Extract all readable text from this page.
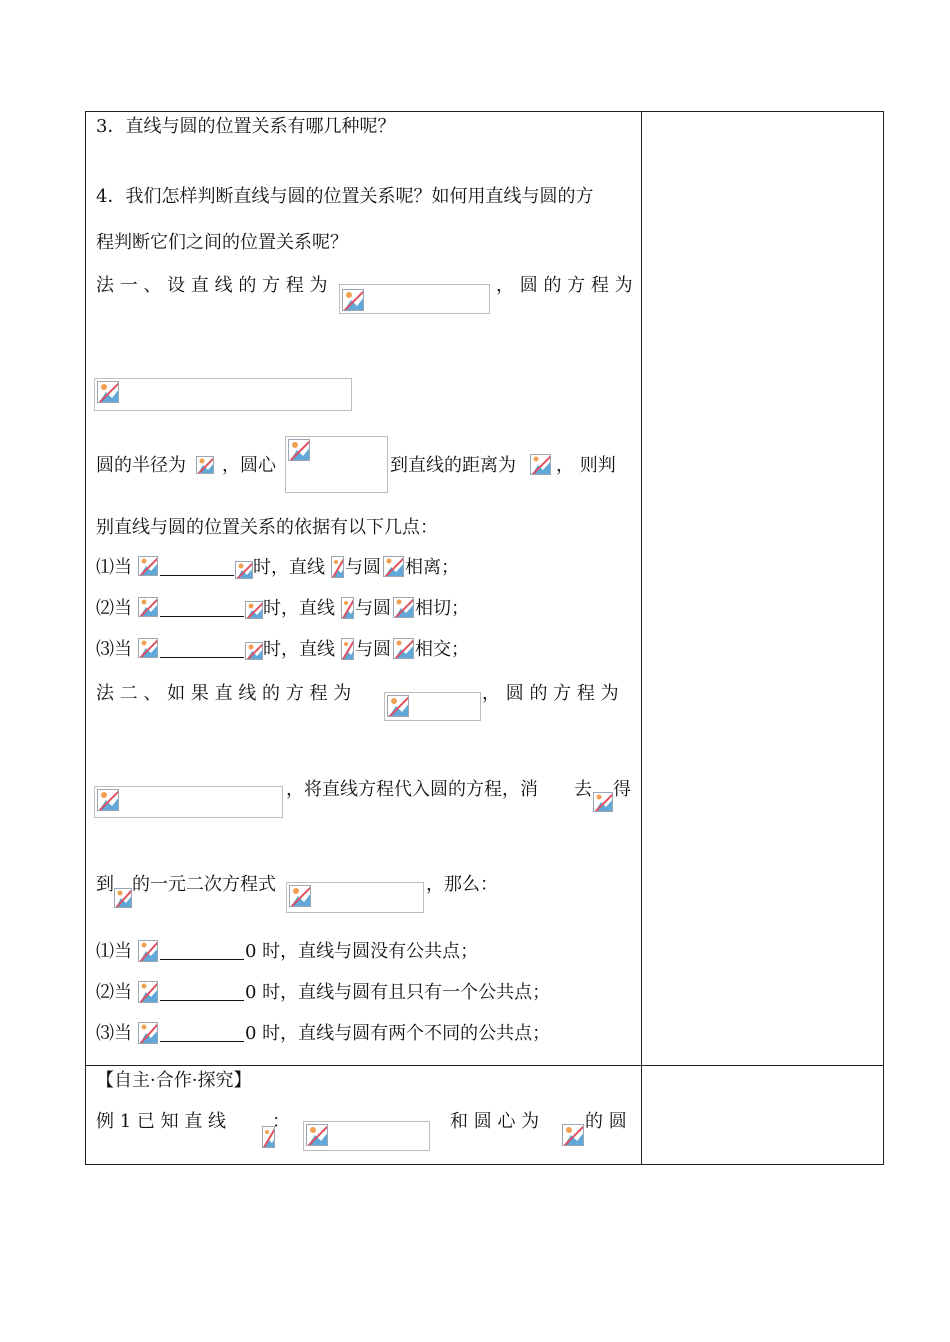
3．直线与圆的位置关系有哪几种呢？
4．我们怎样判断直线与圆的位置关系呢？如何用直线与圆的方
程判断它们之间的位置关系呢？
法 一 、 设 直 线 的 方 程 为	， 圆 的 方 程 为
圆的半径为 ，圆心	到直线的距离为 ， 则判
别直线与圆的位置关系的依据有以下几点：
⑴当	时，直线 与圆 相离；
⑵当	时，直线 与圆 相切；
⑶当	时，直线 与圆 相交；
法 二 、 如 果 直 线 的 方 程 为	， 圆 的 方 程 为
，将直线方程代入圆的方程，消 去 得
到 的一元二次方程式	，那么：
⑴当	0 时，直线与圆没有公共点；
⑵当	0 时，直线与圆有且只有一个公共点；
⑶当	0 时，直线与圆有两个不同的公共点；
【自主·合作·探究】
例 1 已 知 直 线	：	和 圆 心 为	的 圆
